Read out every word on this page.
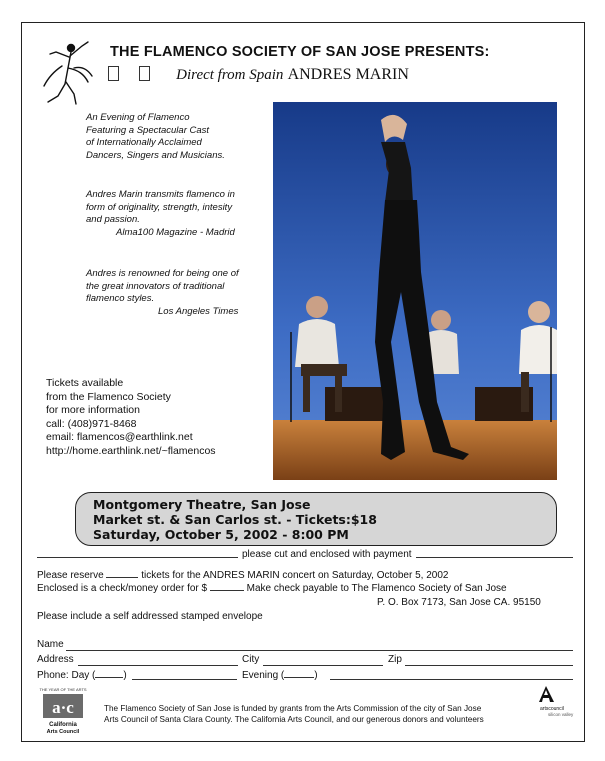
THE FLAMENCO SOCIETY OF SAN JOSE PRESENTS:
Direct from Spain ANDRES MARIN
An Evening of Flamenco
Featuring a Spectacular Cast
of Internationally Acclaimed
Dancers, Singers and Musicians.
Andres Marin transmits flamenco in
form of originality, strength, intesity
and passion.
Alma100 Magazine - Madrid
Andres is renowned for being one of
the great innovators of traditional
flamenco styles.
Los Angeles Times
Tickets available
from the Flamenco Society
for more information
call: (408)971-8468
email: flamencos@earthlink.net
http://home.earthlink.net/~flamencos
Montgomery Theatre, San Jose
Market st. & San Carlos st. - Tickets:$18
Saturday, October 5, 2002 - 8:00 PM
please cut and enclosed with payment
Please reserve	tickets for the ANDRES MARIN concert on Saturday, October 5, 2002
Enclosed is a check/money order for $	Make check payable to The Flamenco Society of San Jose
P. O. Box 7173, San Jose CA. 95150
Please include a self addressed stamped envelope
Name
Address	City	Zip
Phone: Day (	)	Evening (	)
THE YEAR OF THE ARTS
a·c
California
Arts Council
The Flamenco Society of San Jose is funded by grants from the Arts Commission of the city of San Jose
Arts Council of Santa Clara County. The California Arts Council, and our generous donors and volunteers
artscouncil
silicon valley
